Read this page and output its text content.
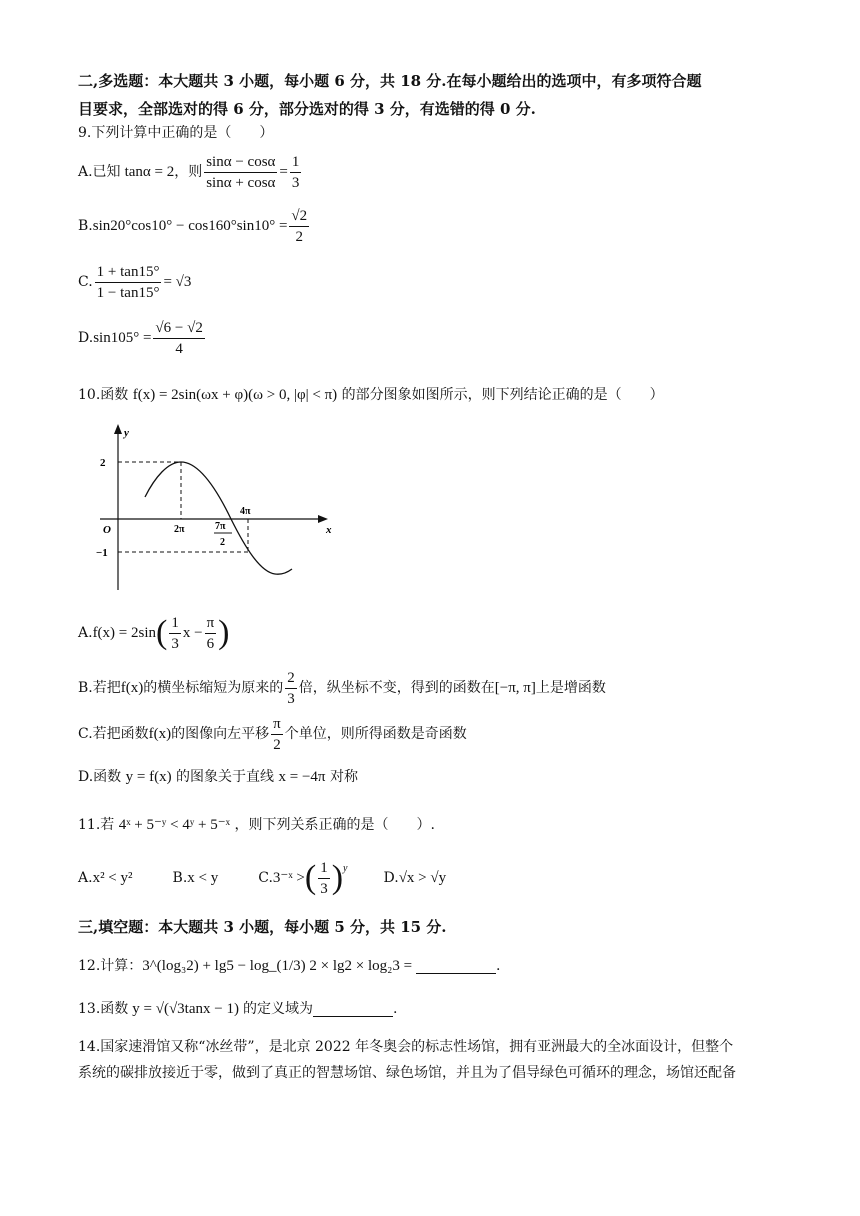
二,多选题：本大题共 3 小题，每小题 6 分，共 18 分.在每小题给出的选项中，有多项符合题
目要求，全部选对的得 6 分，部分选对的得 3 分，有选错的得 0 分.
9.下列计算中正确的是（　　）
A.已知 tanα = 2 ，则 $\frac{\sin\alpha - \cos\alpha}{\sin\alpha + \cos\alpha} = \frac{1}{3}$
B. $\sin 20^\circ\cos 10^\circ - \cos 160^\circ\sin 10^\circ = \frac{√2}{2}$
C. $\frac{1 + \tan 15^\circ}{1 - \tan 15^\circ} = √3$
D. $\sin 105^\circ = \frac{√6 - √2}{4}$
10.函数 f(x) = 2sin(ωx + φ)(ω > 0, |φ| < π) 的部分图象如图所示，则下列结论正确的是（　　）
y
x
O
2
−1
2π
4π
7π
2
A. f(x) = 2sin ( $\frac{1}{3}$ $x - \frac{\pi}{6}$ )
B.若把 f(x) 的横坐标缩短为原来的 $\frac{2}{3}$ 倍，纵坐标不变，得到的函数在 [−π, π] 上是增函数
C.若把函数 f(x) 的图像向左平移 $\frac{\pi}{2}$ 个单位，则所得函数是奇函数
D.函数 y = f(x) 的图象关于直线 x = −4π 对称
11.若 4ˣ + 5⁻ʸ < 4ʸ + 5⁻ˣ ，则下列关系正确的是（　　）.
A. x² < y²	B. x < y	C. 3⁻ˣ > ( $\frac{1}{3}$ ) y
D. √x > √y
三,填空题：本大题共 3 小题，每小题 5 分，共 15 分.
12.计算： 3^(log₃2) + lg5 − log_(1/3) 2 × lg2 × log₂3 =	.
13.函数 y = √(√3tanx − 1) 的定义域为	.
14.国家速滑馆又称“冰丝带”，是北京 2022 年冬奥会的标志性场馆，拥有亚洲最大的全冰面设计，但整个
系统的碳排放接近于零，做到了真正的智慧场馆、绿色场馆，并且为了倡导绿色可循环的理念，场馆还配备
